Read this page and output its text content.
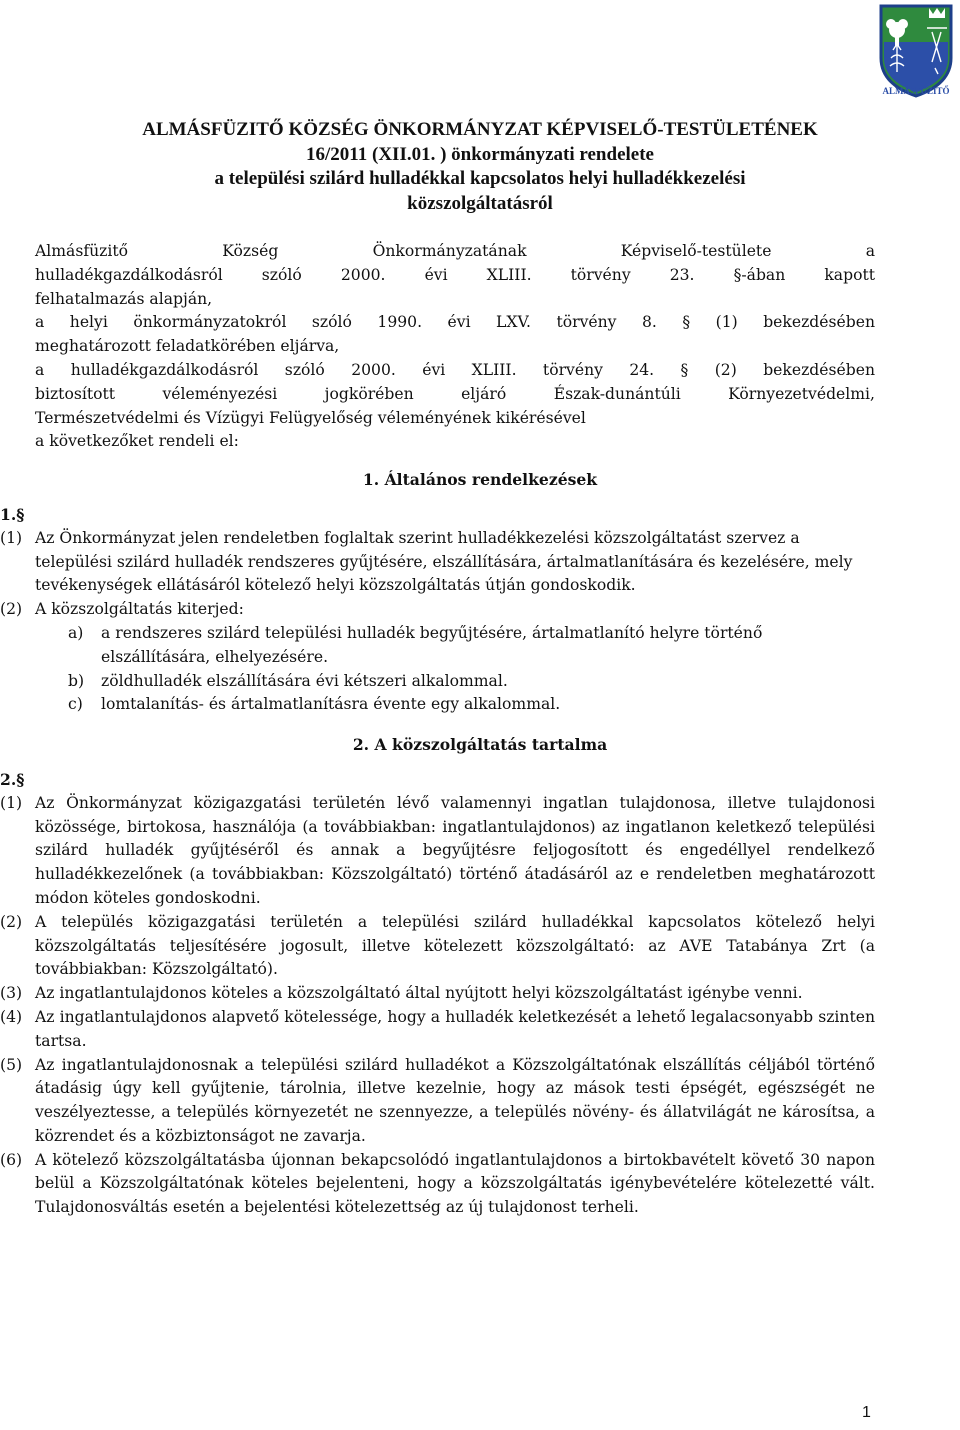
ALMÁSFÜZITŐ
ALMÁSFÜZITŐ KÖZSÉG ÖNKORMÁNYZAT KÉPVISELŐ-TESTÜLETÉNEK
16/2011 (XII.01. ) önkormányzati rendelete
a települési szilárd hulladékkal kapcsolatos helyi hulladékkezelési
közszolgáltatásról
Almásfüzitő Község Önkormányzatának Képviselő-testülete a
hulladékgazdálkodásról szóló 2000. évi XLIII. törvény 23. §-ában kapott
felhatalmazás alapján,
a helyi önkormányzatokról szóló 1990. évi LXV. törvény 8. § (1) bekezdésében
meghatározott feladatkörében eljárva,
a hulladékgazdálkodásról szóló 2000. évi XLIII. törvény 24. § (2) bekezdésében
biztosított véleményezési jogkörében eljáró Észak-dunántúli Környezetvédelmi,
Természetvédelmi és Vízügyi Felügyelőség véleményének kikérésével
a következőket rendeli el:
1. Általános rendelkezések
1.§
(1) Az Önkormányzat jelen rendeletben foglaltak szerint hulladékkezelési közszolgáltatást szervez a települési szilárd hulladék rendszeres gyűjtésére, elszállítására, ártalmatlanítására és kezelésére, mely tevékenységek ellátásáról kötelező helyi közszolgáltatás útján gondoskodik.
(2) A közszolgáltatás kiterjed:
a)	a rendszeres szilárd települési hulladék begyűjtésére, ártalmatlanító helyre történő elszállítására, elhelyezésére.
b)	zöldhulladék elszállítására évi kétszeri alkalommal.
c)	lomtalanítás- és ártalmatlanításra évente egy alkalommal.
2. A közszolgáltatás tartalma
2.§
(1) Az Önkormányzat közigazgatási területén lévő valamennyi ingatlan tulajdonosa, illetve tulajdonosi közössége, birtokosa, használója (a továbbiakban: ingatlantulajdonos) az ingatlanon keletkező települési szilárd hulladék gyűjtéséről és annak a begyűjtésre feljogosított és engedéllyel rendelkező hulladékkezelőnek (a továbbiakban: Közszolgáltató) történő átadásáról az e rendeletben meghatározott módon köteles gondoskodni.
(2) A település közigazgatási területén a települési szilárd hulladékkal kapcsolatos kötelező helyi közszolgáltatás teljesítésére jogosult, illetve kötelezett közszolgáltató: az AVE Tatabánya Zrt (a továbbiakban: Közszolgáltató).
(3) Az ingatlantulajdonos köteles a közszolgáltató által nyújtott helyi közszolgáltatást igénybe venni.
(4) Az ingatlantulajdonos alapvető kötelessége, hogy a hulladék keletkezését a lehető legalacsonyabb szinten tartsa.
(5) Az ingatlantulajdonosnak a települési szilárd hulladékot a Közszolgáltatónak elszállítás céljából történő átadásig úgy kell gyűjtenie, tárolnia, illetve kezelnie, hogy az mások testi épségét, egészségét ne veszélyeztesse, a település környezetét ne szennyezze, a település növény- és állatvilágát ne károsítsa, a közrendet és a közbiztonságot ne zavarja.
(6) A kötelező közszolgáltatásba újonnan bekapcsolódó ingatlantulajdonos a birtokbavételt követő 30 napon belül a Közszolgáltatónak köteles bejelenteni, hogy a közszolgáltatás igénybevételére kötelezetté vált. Tulajdonosváltás esetén a bejelentési kötelezettség az új tulajdonost terheli.
1
